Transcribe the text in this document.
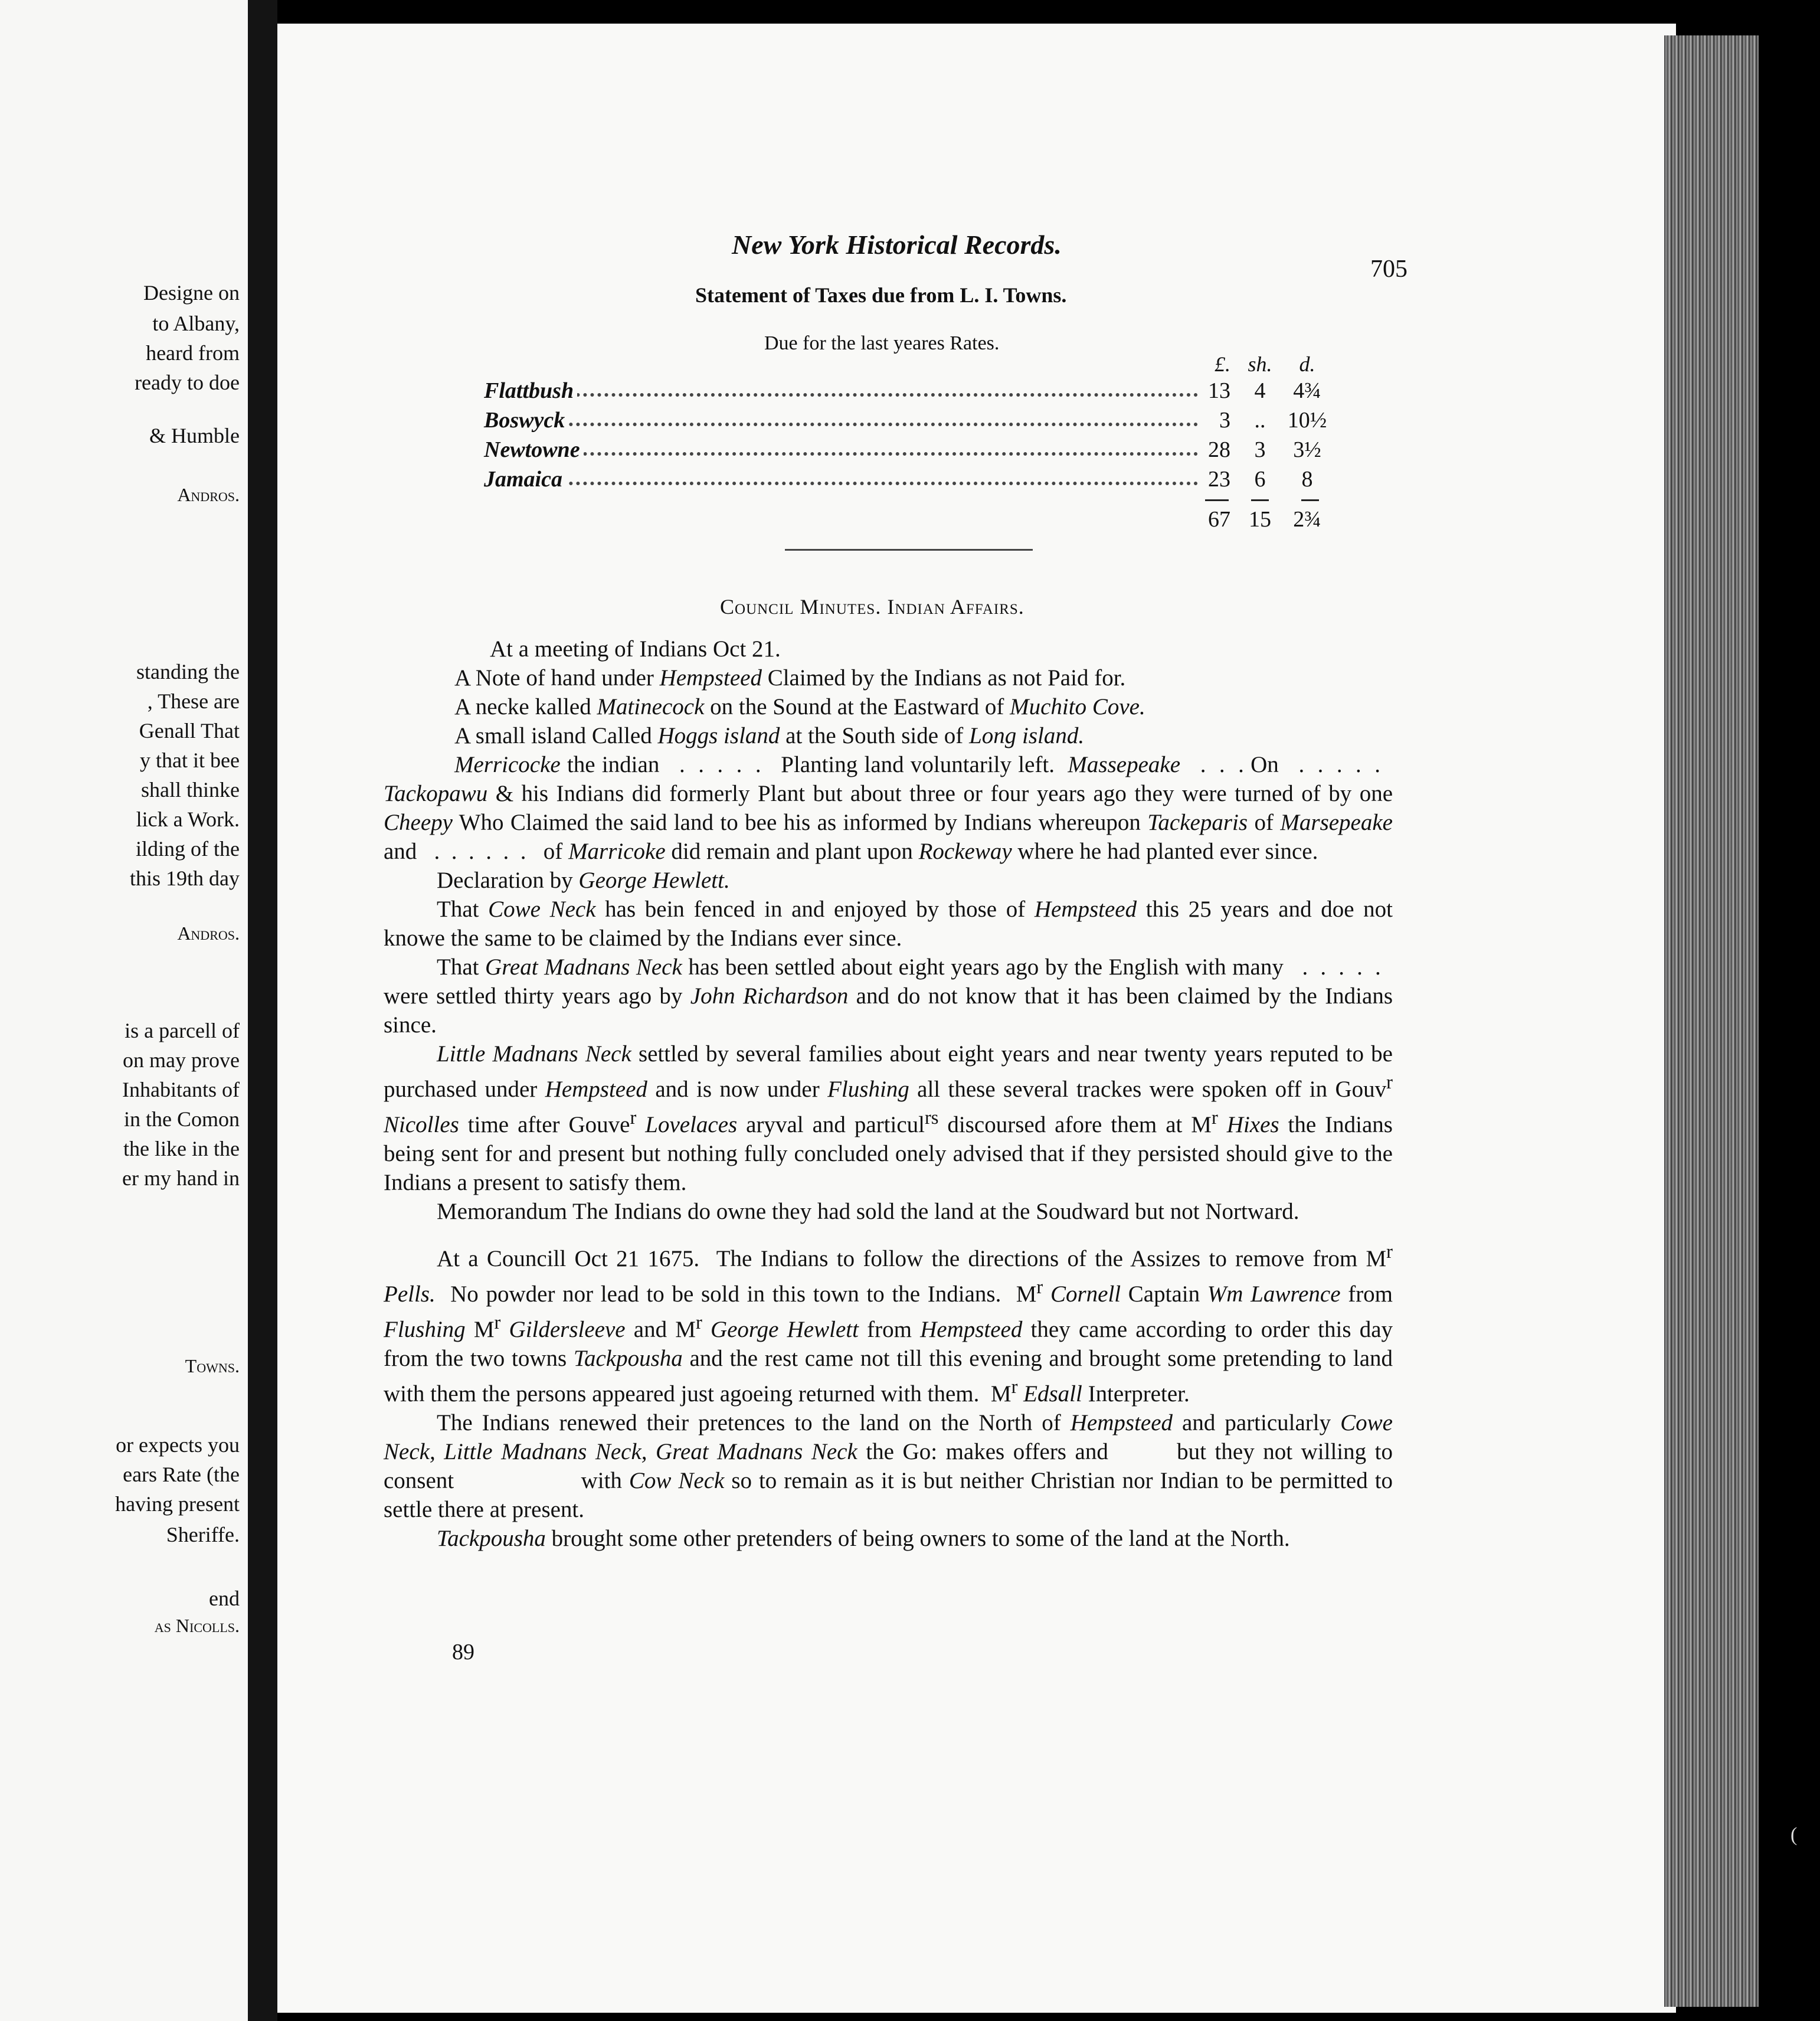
Designe on
to Albany,
heard from
ready to doe
& Humble
Andros.
standing the
, These are
Genall That
y that it bee
shall thinke
lick a Work.
ilding of the
this 19th day
Andros.
is a parcell of
on may prove
Inhabitants of
in the Comon
the like in the
er my hand in
Towns.
or expects you
ears Rate (the
having present
Sheriffe.
end
as Nicolls.
New York Historical Records.
705
Statement of Taxes due from L. I. Towns.
Due for the last yeares Rates.
£. sh.	d.
Flattbush	13	4	4¾
Boswyck	3	.. 10½
Newtowne	28	3	3½
Jamaica	23	6	8
67 15 2¾
Council Minutes. Indian Affairs.

At a meeting of Indians Oct 21.

A Note of hand under Hempsteed Claimed by the Indians as not Paid for.

A necke kalled Matinecock on the Sound at the Eastward of Muchito Cove.

A small island Called Hoggs island at the South side of Long island.

Merricocke the indian   .  .  .  .  .   Planting land voluntarily left.  Massepeake   .  .  . On   .  .  .  .  .   Tackopawu & his Indians did formerly Plant but about three or four years ago they were turned of by one Cheepy Who Claimed the said land to bee his as informed by Indians whereupon Tackeparis of Marsepeake and   .  .  .  .  .  .   of Marricoke did remain and plant upon Rockeway where he had planted ever since.

Declaration by George Hewlett.

That Cowe Neck has bein fenced in and enjoyed by those of Hempsteed this 25 years and doe not knowe the same to be claimed by the Indians ever since.

That Great Madnans Neck has been settled about eight years ago by the English with many   .  .  .  .  .   were settled thirty years ago by John Richardson and do not know that it has been claimed by the Indians since.

Little Madnans Neck settled by several families about eight years and near twenty years reputed to be purchased under Hempsteed and is now under Flushing all these several trackes were spoken off in Gouv$^r$ Nicolles time after Gouve$^r$ Lovelaces aryval and particul$^{rs}$ discoursed afore them at $M^r$ Hixes the Indians being sent for and present but nothing fully concluded onely advised that if they persisted should give to the Indians a present to satisfy them.

Memorandum The Indians do owne they had sold the land at the Soudward but not Nortward.

At a Councill Oct 21 1675.  The Indians to follow the directions of the Assizes to remove from $M^r$ Pells.  No powder nor lead to be sold in this town to the Indians.  $M^r$ Cornell Captain Wm Lawrence from Flushing $M^r$ Gildersleeve and $M^r$ George Hewlett from Hempsteed they came according to order this day from the two towns Tackpousha and the rest came not till this evening and brought some pretending to land with them the persons appeared just agoeing returned with them.  $M^r$ Edsall Interpreter.

The Indians renewed their pretences to the land on the North of Hempsteed and particularly Cowe Neck, Little Madnans Neck, Great Madnans Neck the Go: makes offers and        but they not willing to consent                  with Cow Neck so to remain as it is but neither Christian nor Indian to be permitted to settle there at present.

Tackpousha brought some other pretenders of being owners to some of the land at the North.

89
(
